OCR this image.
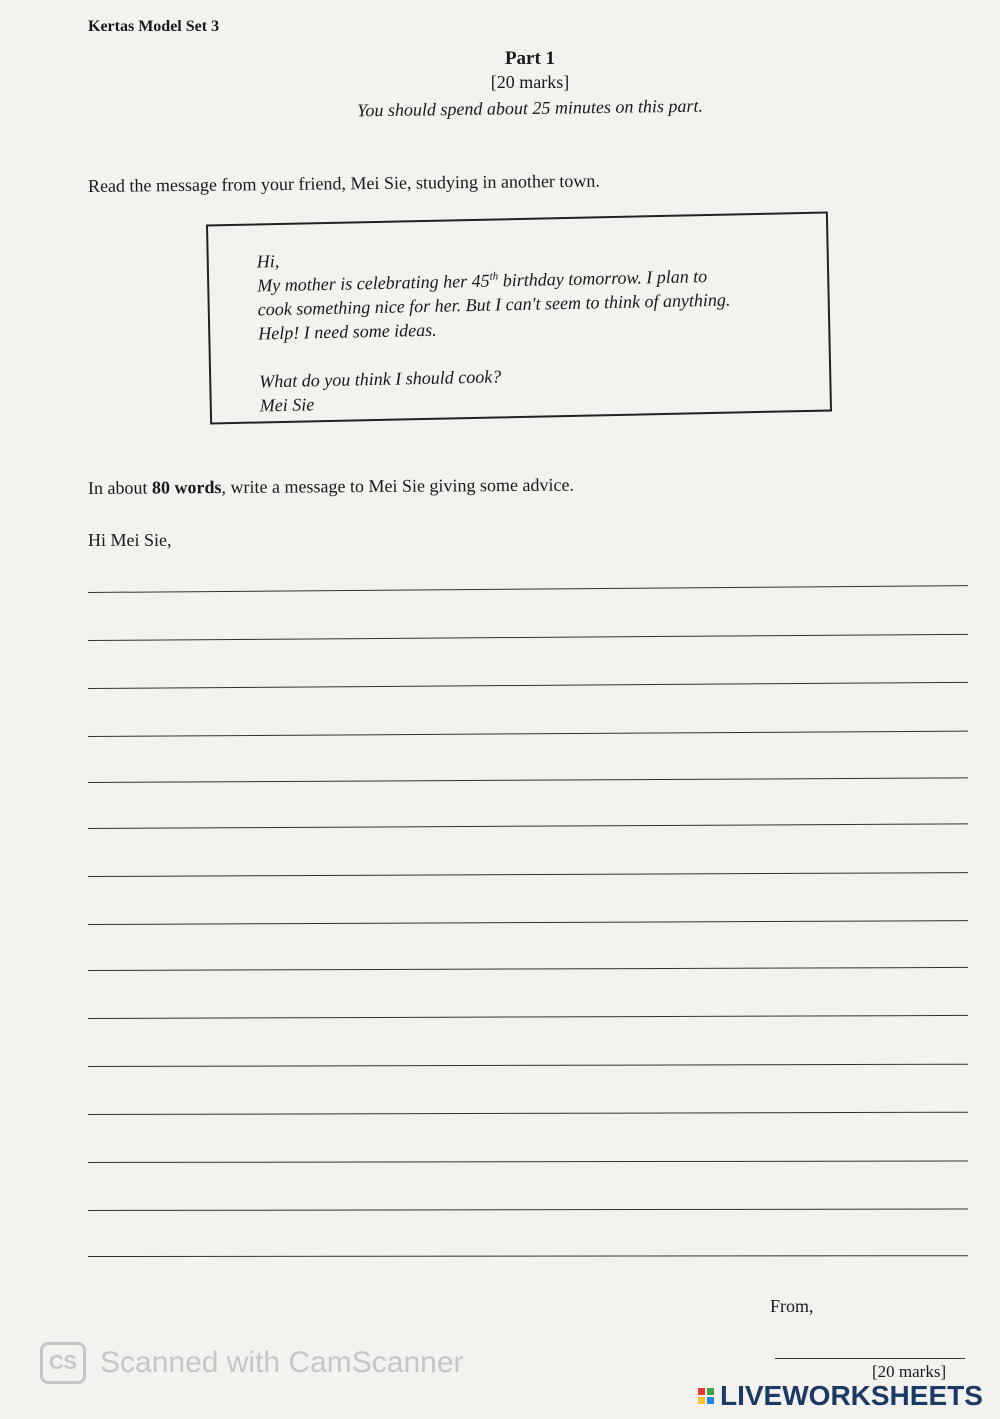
Kertas Model Set 3
Part 1
[20 marks]
You should spend about 25 minutes on this part.
Read the message from your friend, Mei Sie, studying in another town.
Hi,
My mother is celebrating her 45th birthday tomorrow. I plan to
cook something nice for her. But I can't seem to think of anything.
Help! I need some ideas.
What do you think I should cook?
Mei Sie
In about 80 words, write a message to Mei Sie giving some advice.
Hi Mei Sie,
From,
[20 marks]
CS Scanned with CamScanner
LIVEWORKSHEETS
